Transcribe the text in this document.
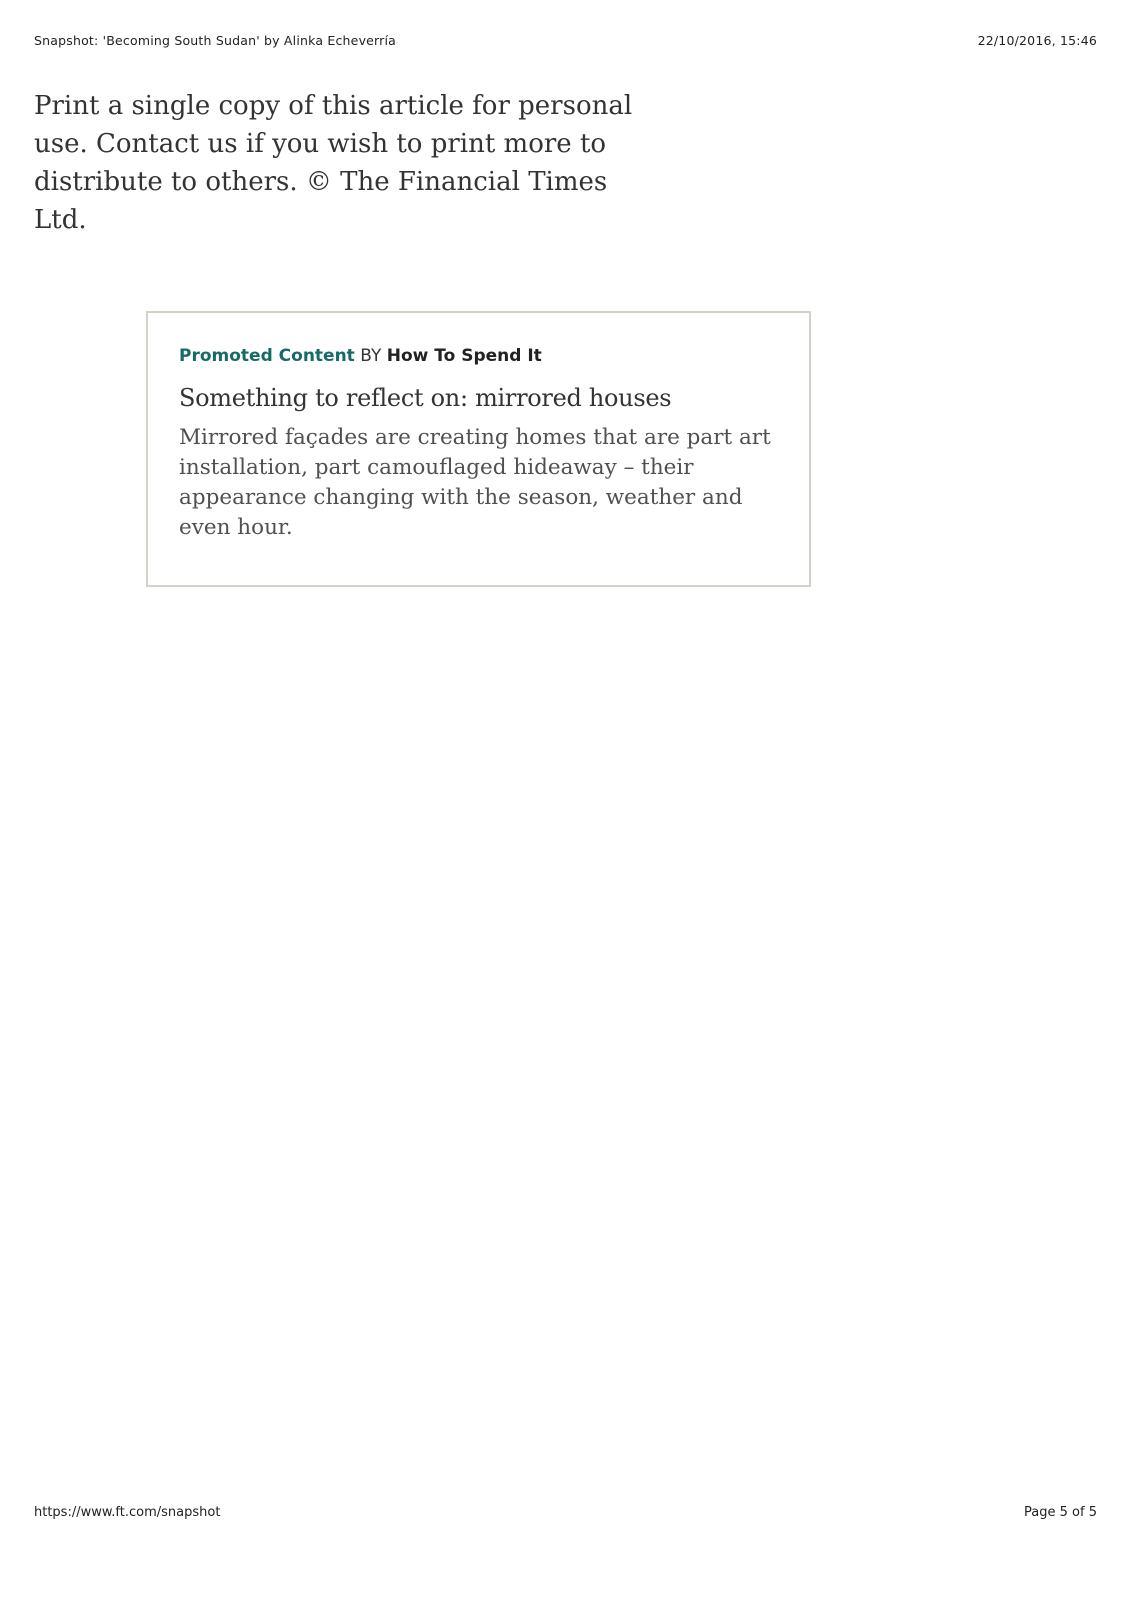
Snapshot: 'Becoming South Sudan' by Alinka Echeverría	22/10/2016, 15:46

Print a single copy of this article for personal use. Contact us if you wish to print more to distribute to others. © The Financial Times Ltd.

Promoted Content BY How To Spend It
Something to reflect on: mirrored houses

Mirrored façades are creating homes that are part art installation, part camouflaged hideaway – their appearance changing with the season, weather and even hour.

https://www.ft.com/snapshot	Page 5 of 5
